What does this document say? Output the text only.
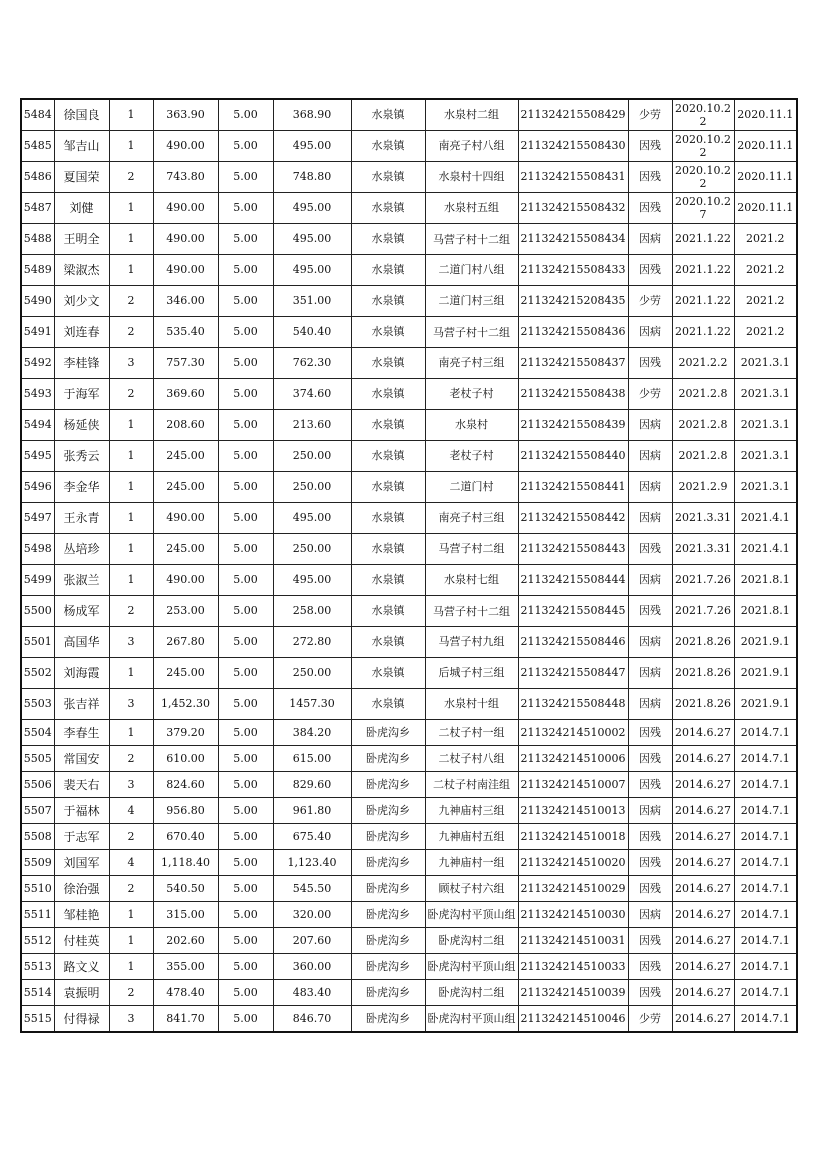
5484	徐国良	1	363.90	5.00	368.90	水泉镇	水泉村二组	211324215508429	少劳	2020.10.22	2020.11.1
5485	邹吉山	1	490.00	5.00	495.00	水泉镇	南亮子村八组	211324215508430	因残	2020.10.22	2020.11.1
5486	夏国荣	2	743.80	5.00	748.80	水泉镇	水泉村十四组	211324215508431	因残	2020.10.22	2020.11.1
5487	刘健	1	490.00	5.00	495.00	水泉镇	水泉村五组	211324215508432	因残	2020.10.27	2020.11.1
5488	王明全	1	490.00	5.00	495.00	水泉镇	马营子村十二组	211324215508434	因病	2021.1.22	2021.2
5489	梁淑杰	1	490.00	5.00	495.00	水泉镇	二道门村八组	211324215508433	因残	2021.1.22	2021.2
5490	刘少文	2	346.00	5.00	351.00	水泉镇	二道门村三组	211324215208435	少劳	2021.1.22	2021.2
5491	刘连春	2	535.40	5.00	540.40	水泉镇	马营子村十二组	211324215508436	因病	2021.1.22	2021.2
5492	李桂锋	3	757.30	5.00	762.30	水泉镇	南亮子村三组	211324215508437	因残	2021.2.2	2021.3.1
5493	于海军	2	369.60	5.00	374.60	水泉镇	老杖子村	211324215508438	少劳	2021.2.8	2021.3.1
5494	杨延侠	1	208.60	5.00	213.60	水泉镇	水泉村	211324215508439	因病	2021.2.8	2021.3.1
5495	张秀云	1	245.00	5.00	250.00	水泉镇	老杖子村	211324215508440	因病	2021.2.8	2021.3.1
5496	李金华	1	245.00	5.00	250.00	水泉镇	二道门村	211324215508441	因病	2021.2.9	2021.3.1
5497	王永青	1	490.00	5.00	495.00	水泉镇	南亮子村三组	211324215508442	因病	2021.3.31	2021.4.1
5498	丛培珍	1	245.00	5.00	250.00	水泉镇	马营子村二组	211324215508443	因残	2021.3.31	2021.4.1
5499	张淑兰	1	490.00	5.00	495.00	水泉镇	水泉村七组	211324215508444	因病	2021.7.26	2021.8.1
5500	杨成军	2	253.00	5.00	258.00	水泉镇	马营子村十二组	211324215508445	因残	2021.7.26	2021.8.1
5501	高国华	3	267.80	5.00	272.80	水泉镇	马营子村九组	211324215508446	因病	2021.8.26	2021.9.1
5502	刘海霞	1	245.00	5.00	250.00	水泉镇	后城子村三组	211324215508447	因病	2021.8.26	2021.9.1
5503	张吉祥	3	1,452.30	5.00	1457.30	水泉镇	水泉村十组	211324215508448	因病	2021.8.26	2021.9.1
5504	李春生	1	379.20	5.00	384.20	卧虎沟乡	二杖子村一组	211324214510002	因残	2014.6.27	2014.7.1
5505	常国安	2	610.00	5.00	615.00	卧虎沟乡	二杖子村八组	211324214510006	因残	2014.6.27	2014.7.1
5506	裴天右	3	824.60	5.00	829.60	卧虎沟乡	二杖子村南洼组	211324214510007	因残	2014.6.27	2014.7.1
5507	于福林	4	956.80	5.00	961.80	卧虎沟乡	九神庙村三组	211324214510013	因病	2014.6.27	2014.7.1
5508	于志军	2	670.40	5.00	675.40	卧虎沟乡	九神庙村五组	211324214510018	因残	2014.6.27	2014.7.1
5509	刘国军	4	1,118.40	5.00	1,123.40	卧虎沟乡	九神庙村一组	211324214510020	因残	2014.6.27	2014.7.1
5510	徐治强	2	540.50	5.00	545.50	卧虎沟乡	顾杖子村六组	211324214510029	因残	2014.6.27	2014.7.1
5511	邹桂艳	1	315.00	5.00	320.00	卧虎沟乡	卧虎沟村平顶山组	211324214510030	因病	2014.6.27	2014.7.1
5512	付桂英	1	202.60	5.00	207.60	卧虎沟乡	卧虎沟村二组	211324214510031	因残	2014.6.27	2014.7.1
5513	路文义	1	355.00	5.00	360.00	卧虎沟乡	卧虎沟村平顶山组	211324214510033	因残	2014.6.27	2014.7.1
5514	袁振明	2	478.40	5.00	483.40	卧虎沟乡	卧虎沟村二组	211324214510039	因残	2014.6.27	2014.7.1
5515	付得禄	3	841.70	5.00	846.70	卧虎沟乡	卧虎沟村平顶山组	211324214510046	少劳	2014.6.27	2014.7.1
